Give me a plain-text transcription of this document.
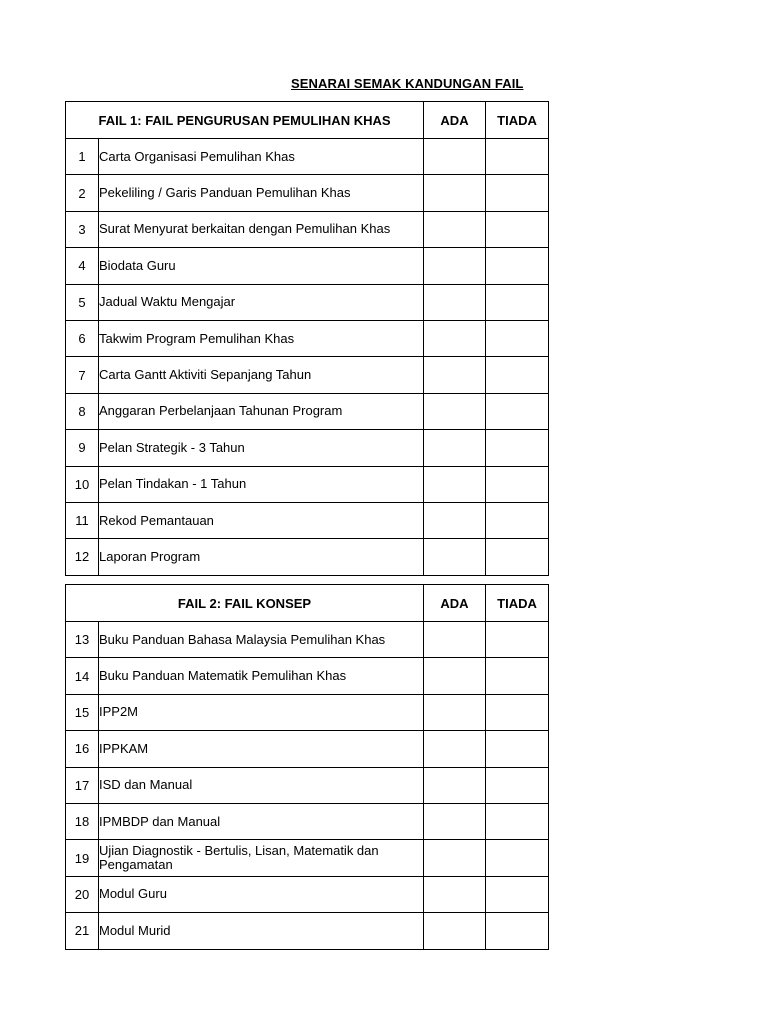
SENARAI SEMAK KANDUNGAN FAIL
FAIL 1: FAIL PENGURUSAN PEMULIHAN KHAS		ADA	TIADA
1	Carta Organisasi Pemulihan Khas		
2	Pekeliling / Garis Panduan Pemulihan Khas		
3	Surat Menyurat berkaitan dengan Pemulihan Khas		
4	Biodata Guru		
5	Jadual Waktu Mengajar		
6	Takwim Program Pemulihan Khas		
7	Carta Gantt Aktiviti Sepanjang Tahun		
8	Anggaran Perbelanjaan Tahunan Program		
9	Pelan Strategik - 3 Tahun		
10	Pelan Tindakan - 1 Tahun		
11	Rekod Pemantauan		
12	Laporan Program		
FAIL 2: FAIL KONSEP		ADA	TIADA
13	Buku Panduan Bahasa Malaysia Pemulihan Khas		
14	Buku Panduan Matematik Pemulihan Khas		
15	IPP2M		
16	IPPKAM		
17	ISD dan Manual		
18	IPMBDP dan Manual		
19	Ujian Diagnostik - Bertulis, Lisan, Matematik dan Pengamatan		
20	Modul Guru		
21	Modul Murid		
